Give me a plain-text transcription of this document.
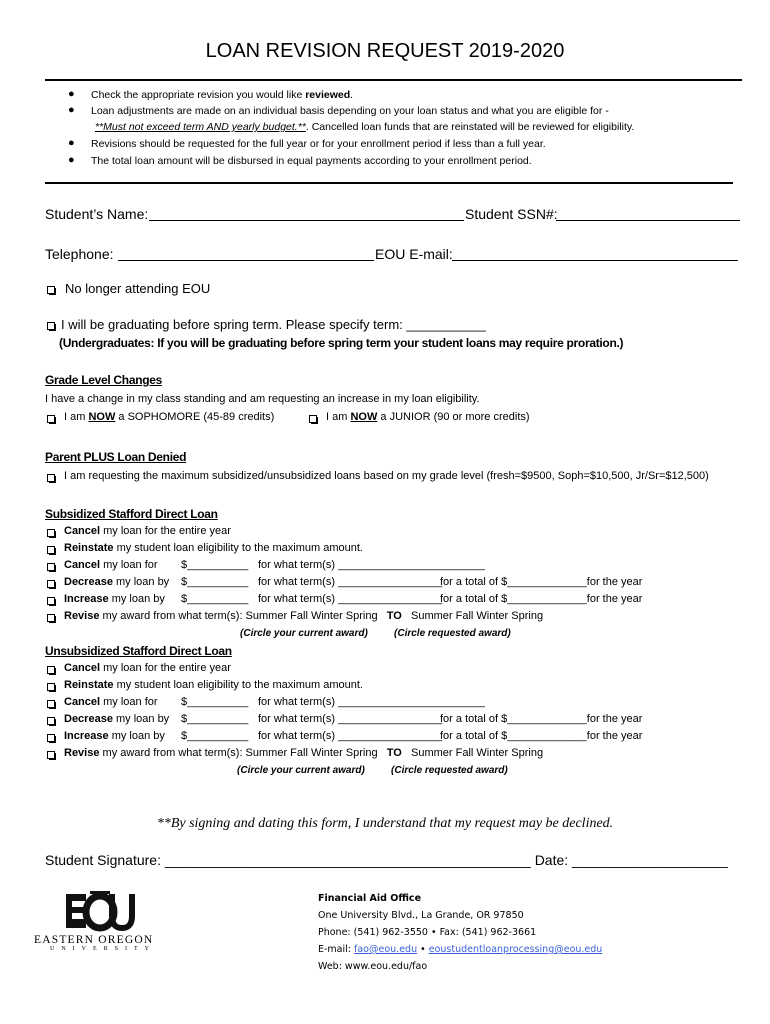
LOAN REVISION REQUEST 2019-2020
● Check the appropriate revision you would like reviewed.
● Loan adjustments are made on an individual basis depending on your loan status and what you are eligible for -
**Must not exceed term AND yearly budget.**. Cancelled loan funds that are reinstated will be reviewed for eligibility.
● Revisions should be requested for the full year or for your enrollment period if less than a full year.
● The total loan amount will be disbursed in equal payments according to your enrollment period.
Student’s Name:	Student SSN#:
Telephone:	EOU E-mail:
No longer attending EOU
I will be graduating before spring term. Please specify term: ___________
(Undergraduates: If you will be graduating before spring term your student loans may require proration.)
Grade Level Changes
I have a change in my class standing and am requesting an increase in my loan eligibility.
I am NOW a SOPHOMORE (45-89 credits)	I am NOW a JUNIOR (90 or more credits)
Parent PLUS Loan Denied
I am requesting the maximum subsidized/unsubsidized loans based on my grade level (fresh=$9500, Soph=$10,500, Jr/Sr=$12,500)
Subsidized Stafford Direct Loan
Cancel my loan for the entire year
Reinstate my student loan eligibility to the maximum amount.
Cancel my loan for $__________ for what term(s) ________________________
Decrease my loan by $__________ for what term(s) _________________
for a total of $_____________for the year
Increase my loan by $__________ for what term(s) _________________
for a total of $_____________for the year
Revise my award from what term(s): Summer Fall Winter Spring TO Summer Fall Winter Spring
(Circle your current award)	(Circle requested award)
Unsubsidized Stafford Direct Loan
Cancel my loan for the entire year
Reinstate my student loan eligibility to the maximum amount.
Cancel my loan for $__________ for what term(s) ________________________
Decrease my loan by $__________ for what term(s) _________________
for a total of $_____________for the year
Increase my loan by $__________ for what term(s) _________________
for a total of $_____________for the year
Revise my award from what term(s): Summer Fall Winter Spring TO Summer Fall Winter Spring
(Circle your current award)	(Circle requested award)
**By signing and dating this form, I understand that my request may be declined.
Student Signature: _______________________________________________ Date: ____________________
EASTERN OREGON
UNIVERSITY
Financial Aid Office
One University Blvd., La Grande, OR 97850
Phone: (541) 962-3550 • Fax: (541) 962-3661
E-mail: fao@eou.edu • eoustudentloanprocessing@eou.edu
Web: www.eou.edu/fao
